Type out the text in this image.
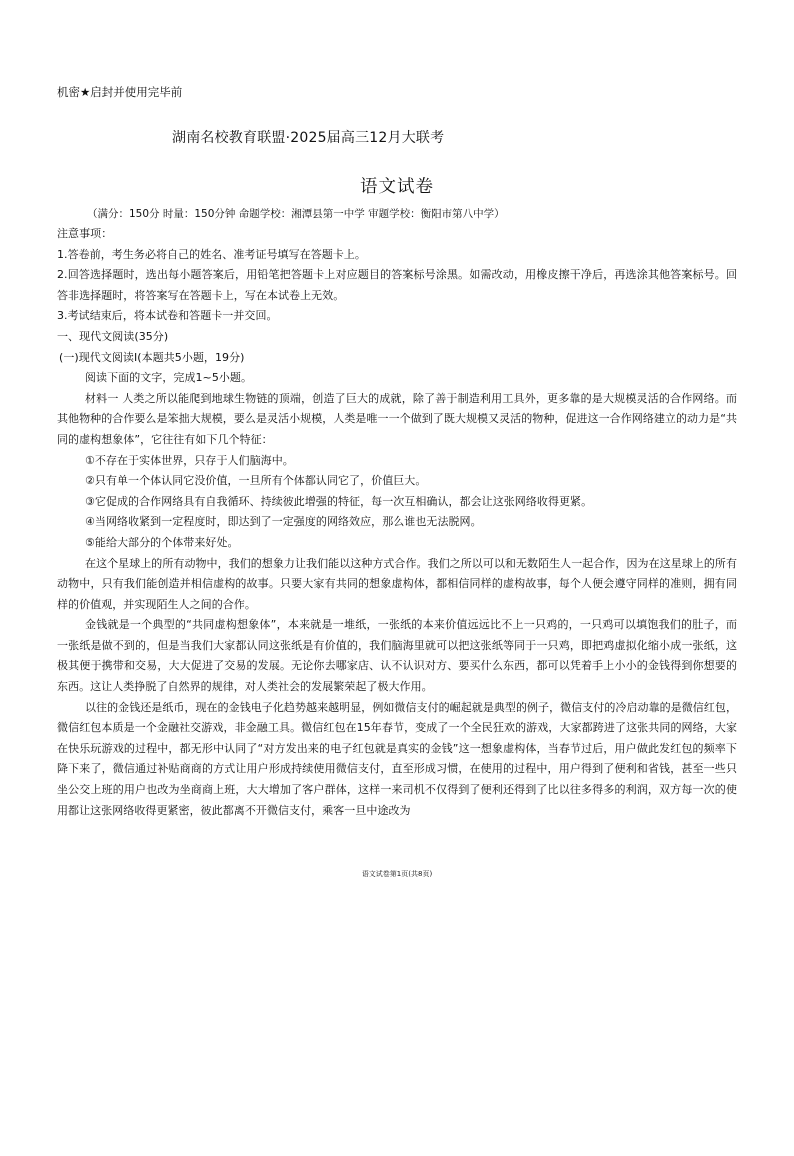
机密★启封并使用完毕前
湖南名校教育联盟·2025届高三12月大联考
语文试卷
（满分：150分 时量：150分钟 命题学校：湘潭县第一中学 审题学校：衡阳市第八中学）
注意事项：
1.答卷前，考生务必将自己的姓名、准考证号填写在答题卡上。
2.回答选择题时，选出每小题答案后，用铅笔把答题卡上对应题目的答案标号涂黑。如需改动，用橡皮擦干净后，再选涂其他答案标号。回答非选择题时，将答案写在答题卡上，写在本试卷上无效。
3.考试结束后，将本试卷和答题卡一并交回。
一、现代文阅读(35分)
(一)现代文阅读Ⅰ(本题共5小题，19分)
阅读下面的文字，完成1~5小题。
材料一 人类之所以能爬到地球生物链的顶端，创造了巨大的成就，除了善于制造利用工具外，更多靠的是大规模灵活的合作网络。而其他物种的合作要么是笨拙大规模，要么是灵活小规模，人类是唯一一个做到了既大规模又灵活的物种，促进这一合作网络建立的动力是“共同的虚构想象体”，它往往有如下几个特征：
①不存在于实体世界，只存于人们脑海中。
②只有单一个体认同它没价值，一旦所有个体都认同它了，价值巨大。
③它促成的合作网络具有自我循环、持续彼此增强的特征，每一次互相确认，都会让这张网络收得更紧。
④当网络收紧到一定程度时，即达到了一定强度的网络效应，那么谁也无法脱网。
⑤能给大部分的个体带来好处。
在这个星球上的所有动物中，我们的想象力让我们能以这种方式合作。我们之所以可以和无数陌生人一起合作，因为在这星球上的所有动物中，只有我们能创造并相信虚构的故事。只要大家有共同的想象虚构体，都相信同样的虚构故事，每个人便会遵守同样的准则，拥有同样的价值观，并实现陌生人之间的合作。
金钱就是一个典型的“共同虚构想象体”，本来就是一堆纸，一张纸的本来价值远远比不上一只鸡的，一只鸡可以填饱我们的肚子，而一张纸是做不到的，但是当我们大家都认同这张纸是有价值的，我们脑海里就可以把这张纸等同于一只鸡，即把鸡虚拟化缩小成一张纸，这极其便于携带和交易，大大促进了交易的发展。无论你去哪家店、认不认识对方、要买什么东西，都可以凭着手上小小的金钱得到你想要的东西。这让人类挣脱了自然界的规律，对人类社会的发展繁荣起了极大作用。
以往的金钱还是纸币，现在的金钱电子化趋势越来越明显，例如微信支付的崛起就是典型的例子，微信支付的冷启动靠的是微信红包，微信红包本质是一个金融社交游戏，非金融工具。微信红包在15年春节，变成了一个全民狂欢的游戏，大家都跨进了这张共同的网络，大家在快乐玩游戏的过程中，都无形中认同了“对方发出来的电子红包就是真实的金钱”这一想象虚构体，当春节过后，用户做此发红包的频率下降下来了，微信通过补贴商商的方式让用户形成持续使用微信支付，直至形成习惯，在使用的过程中，用户得到了便利和省钱，甚至一些只坐公交上班的用户也改为坐商商上班，大大增加了客户群体，这样一来司机不仅得到了便利还得到了比以往多得多的利润，双方每一次的使用都让这张网络收得更紧密，彼此都离不开微信支付，乘客一旦中途改为
语文试卷第1页(共8页)
